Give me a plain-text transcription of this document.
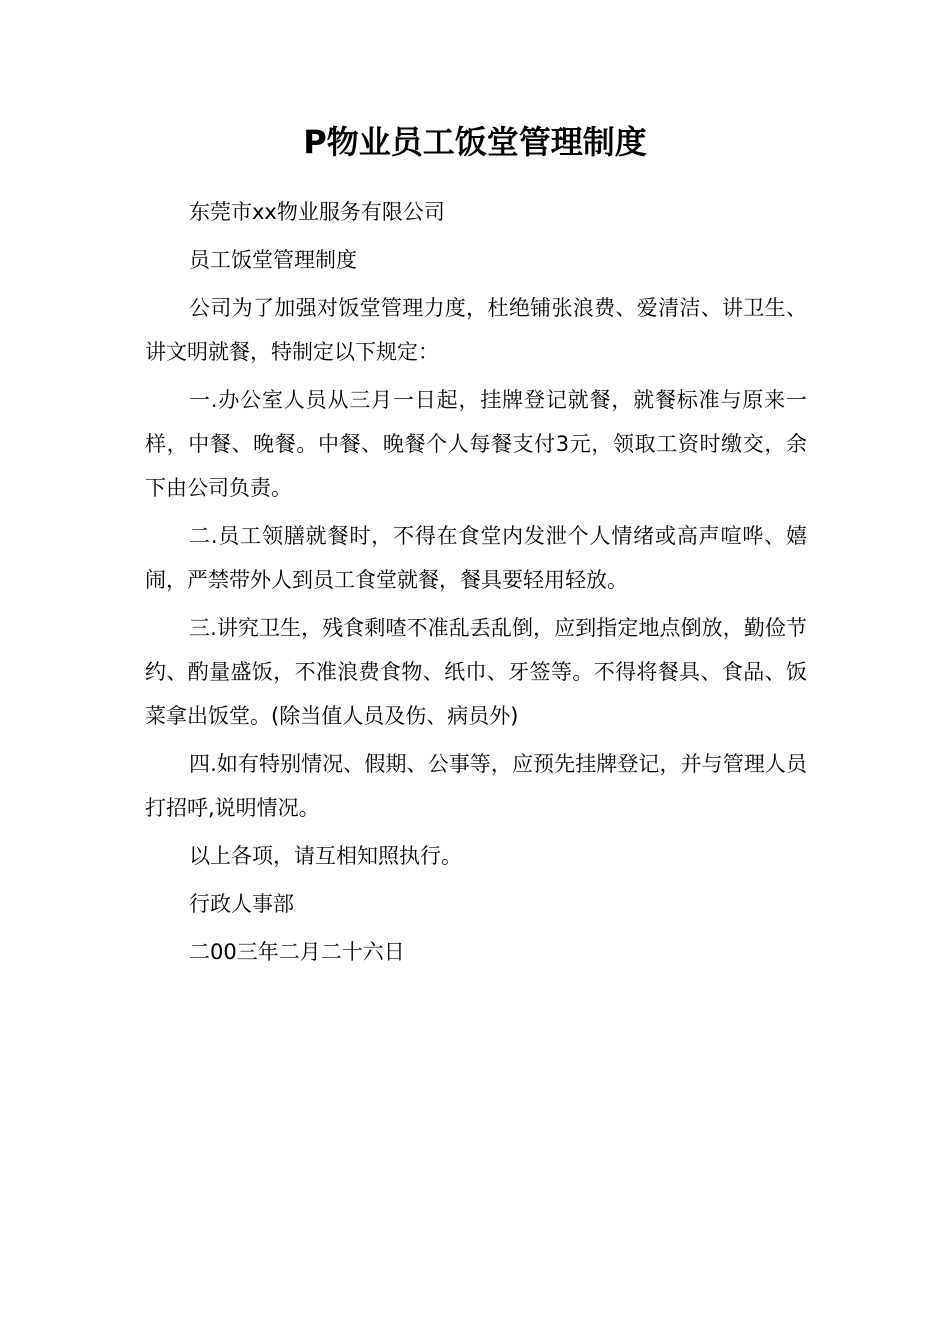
P物业员工饭堂管理制度

东莞市xx物业服务有限公司

员工饭堂管理制度

公司为了加强对饭堂管理力度，杜绝铺张浪费、爱清洁、讲卫生、讲文明就餐，特制定以下规定：

一.办公室人员从三月一日起，挂牌登记就餐，就餐标准与原来一样，中餐、晚餐。中餐、晚餐个人每餐支付3元，领取工资时缴交，余下由公司负责。

二.员工领膳就餐时，不得在食堂内发泄个人情绪或高声喧哗、嬉闹，严禁带外人到员工食堂就餐，餐具要轻用轻放。

三.讲究卫生，残食剩喳不准乱丢乱倒，应到指定地点倒放，勤俭节约、酌量盛饭，不准浪费食物、纸巾、牙签等。不得将餐具、食品、饭菜拿出饭堂。(除当值人员及伤、病员外)

四.如有特别情况、假期、公事等，应预先挂牌登记，并与管理人员打招呼,说明情况。

以上各项，请互相知照执行。

行政人事部

二00三年二月二十六日
